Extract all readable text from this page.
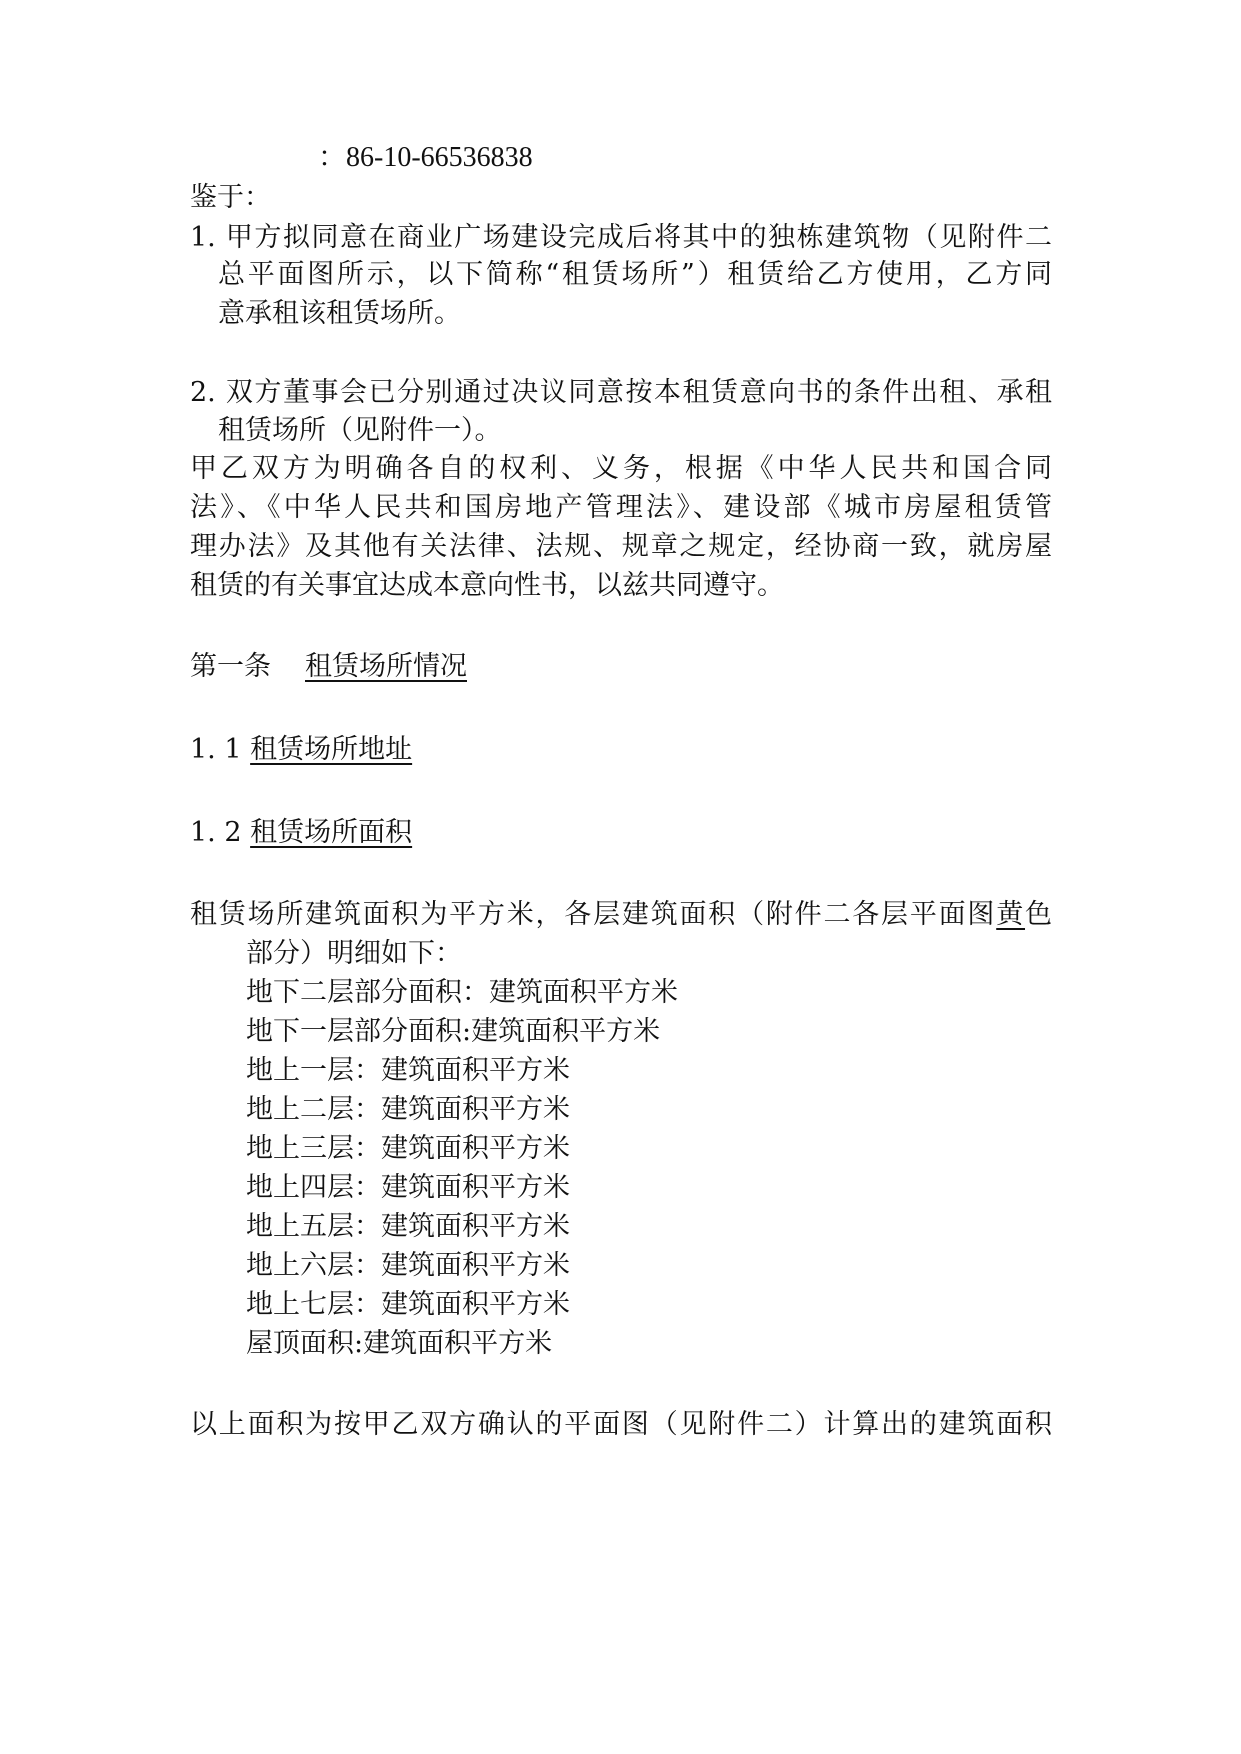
：86-10-66536838
鉴于：
1. 甲方拟同意在商业广场建设完成后将其中的独栋建筑物（见附件二
总平面图所示，以下简称“租赁场所”）租赁给乙方使用，乙方同
意承租该租赁场所。
2. 双方董事会已分别通过决议同意按本租赁意向书的条件出租、承租
租赁场所（见附件一）。
甲乙双方为明确各自的权利、义务，根据《中华人民共和国合同
法》、《中华人民共和国房地产管理法》、建设部《城市房屋租赁管
理办法》及其他有关法律、法规、规章之规定，经协商一致，就房屋
租赁的有关事宜达成本意向性书，以兹共同遵守。
第一条 租赁场所情况
1. 1 租赁场所地址
1. 2 租赁场所面积
租赁场所建筑面积为平方米，各层建筑面积（附件二各层平面图黄色
部分）明细如下：
地下二层部分面积：建筑面积平方米
地下一层部分面积:建筑面积平方米
地上一层：建筑面积平方米
地上二层：建筑面积平方米
地上三层：建筑面积平方米
地上四层：建筑面积平方米
地上五层：建筑面积平方米
地上六层：建筑面积平方米
地上七层：建筑面积平方米
屋顶面积:建筑面积平方米
以上面积为按甲乙双方确认的平面图（见附件二）计算出的建筑面积
